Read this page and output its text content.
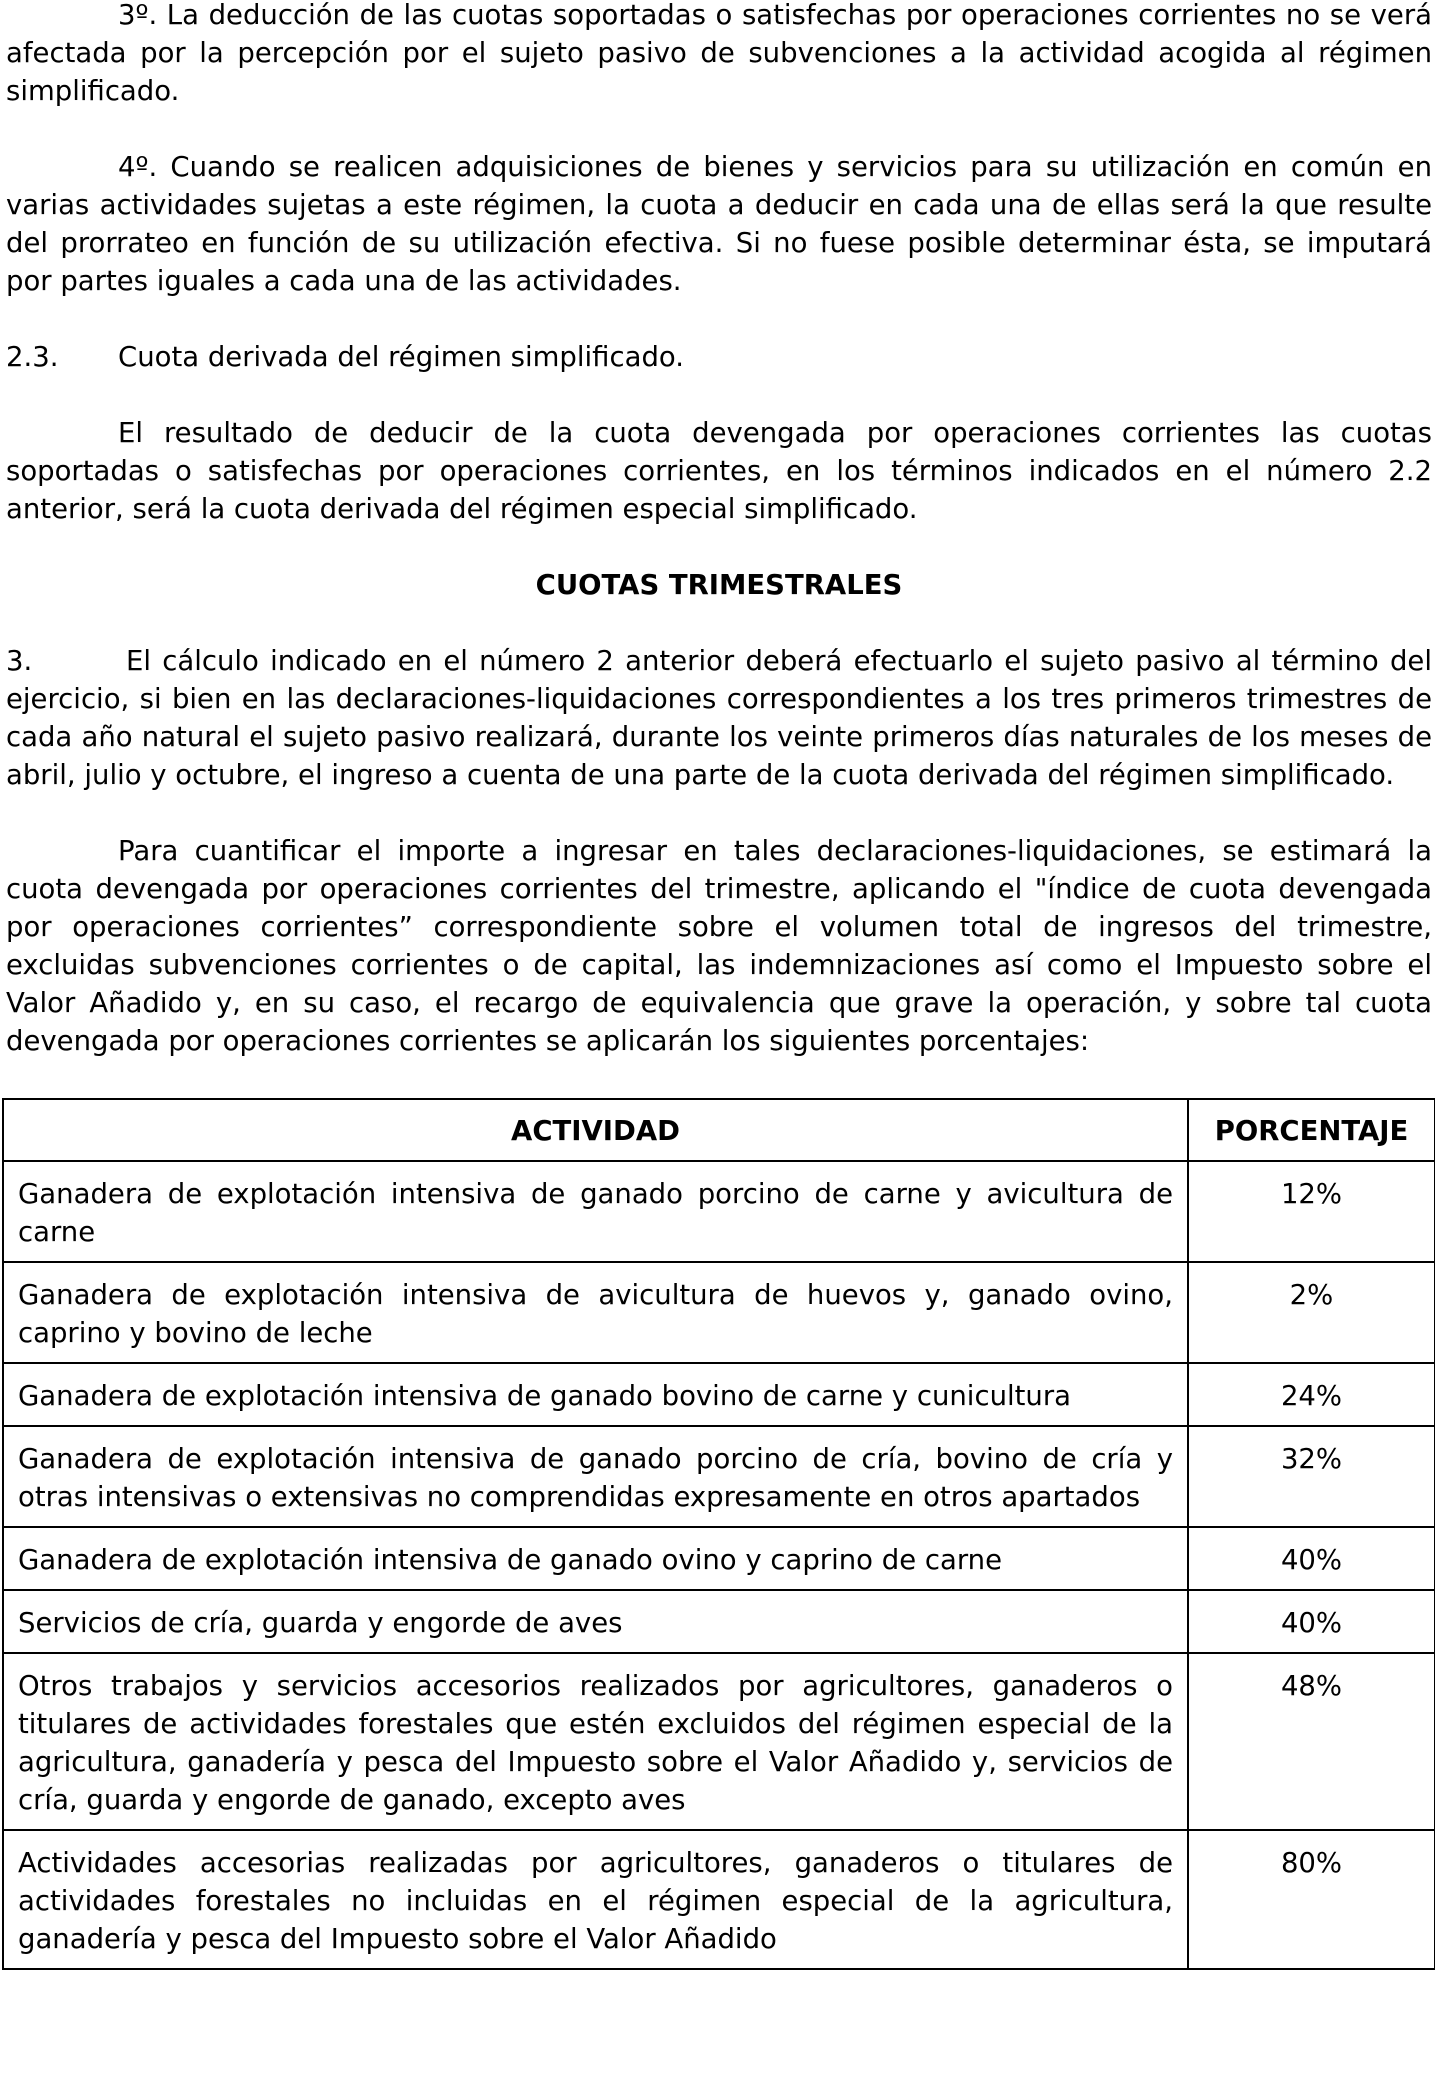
3º. La deducción de las cuotas soportadas o satisfechas por operaciones corrientes no se verá afectada por la percepción por el sujeto pasivo de subvenciones a la actividad acogida al régimen simplificado.

4º. Cuando se realicen adquisiciones de bienes y servicios para su utilización en común en varias actividades sujetas a este régimen, la cuota a deducir en cada una de ellas será la que resulte del prorrateo en función de su utilización efectiva. Si no fuese posible determinar ésta, se imputará por partes iguales a cada una de las actividades.

2.3.	Cuota derivada del régimen simplificado.

El resultado de deducir de la cuota devengada por operaciones corrientes las cuotas soportadas o satisfechas por operaciones corrientes, en los términos indicados en el número 2.2 anterior, será la cuota derivada del régimen especial simplificado.

CUOTAS TRIMESTRALES

3.	El cálculo indicado en el número 2 anterior deberá efectuarlo el sujeto pasivo al término del ejercicio, si bien en las declaraciones-liquidaciones correspondientes a los tres primeros trimestres de cada año natural el sujeto pasivo realizará, durante los veinte primeros días naturales de los meses de abril, julio y octubre, el ingreso a cuenta de una parte de la cuota derivada del régimen simplificado.

Para cuantificar el importe a ingresar en tales declaraciones-liquidaciones, se estimará la cuota devengada por operaciones corrientes del trimestre, aplicando el "índice de cuota devengada por operaciones corrientes” correspondiente sobre el volumen total de ingresos del trimestre, excluidas subvenciones corrientes o de capital, las indemnizaciones así como el Impuesto sobre el Valor Añadido y, en su caso, el recargo de equivalencia que grave la operación, y sobre tal cuota devengada por operaciones corrientes se aplicarán los siguientes porcentajes:

ACTIVIDAD	PORCENTAJE
Ganadera de explotación intensiva de ganado porcino de carne y avicultura de carne	12%
Ganadera de explotación intensiva de avicultura de huevos y, ganado ovino, caprino y bovino de leche	2%
Ganadera de explotación intensiva de ganado bovino de carne y cunicultura	24%
Ganadera de explotación intensiva de ganado porcino de cría, bovino de cría y otras intensivas o extensivas no comprendidas expresamente en otros apartados	32%
Ganadera de explotación intensiva de ganado ovino y caprino de carne	40%
Servicios de cría, guarda y engorde de aves	40%
Otros trabajos y servicios accesorios realizados por agricultores, ganaderos o titulares de actividades forestales que estén excluidos del régimen especial de la agricultura, ganadería y pesca del Impuesto sobre el Valor Añadido y, servicios de cría, guarda y engorde de ganado, excepto aves	48%
Actividades accesorias realizadas por agricultores, ganaderos o titulares de actividades forestales no incluidas en el régimen especial de la agricultura, ganadería y pesca del Impuesto sobre el Valor Añadido	80%
